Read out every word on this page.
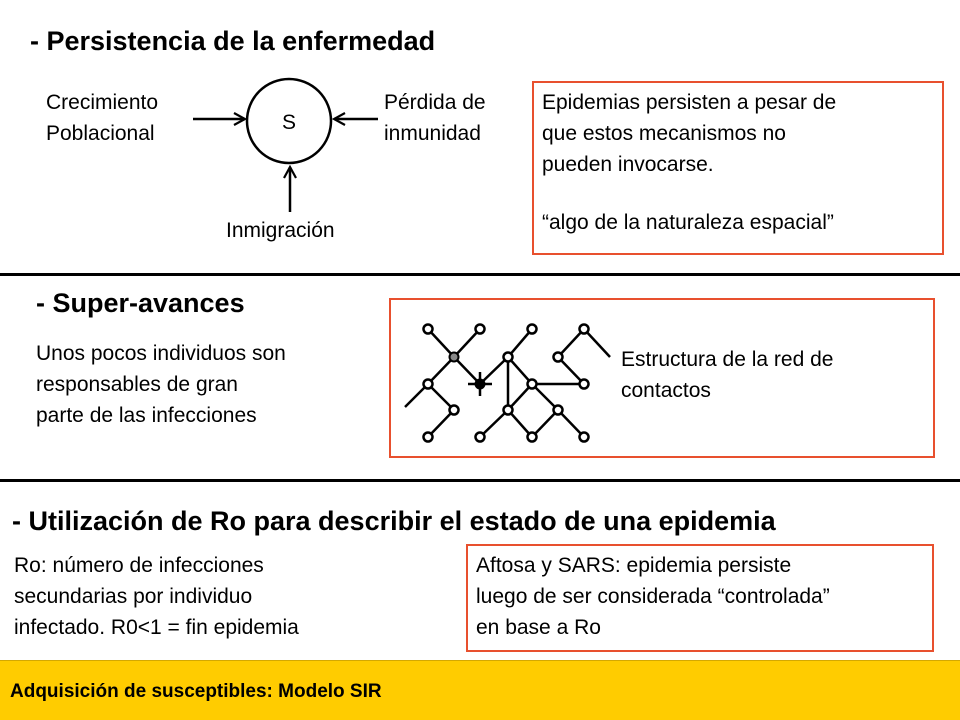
- Persistencia de la enfermedad
Crecimiento
Poblacional
Pérdida de
inmunidad
Inmigración
S
Epidemias persisten a pesar de
que estos mecanismos no
pueden invocarse.
“algo de la naturaleza espacial”
- Super-avances
Unos pocos individuos son
responsables de gran
parte de las infecciones
Estructura de la red de
contactos
- Utilización de Ro para describir el estado de una epidemia
Ro: número de infecciones
secundarias por individuo
infectado. R0<1 = fin epidemia
Aftosa y SARS: epidemia persiste
luego de ser considerada “controlada”
en base a Ro
Adquisición de susceptibles: Modelo SIR
